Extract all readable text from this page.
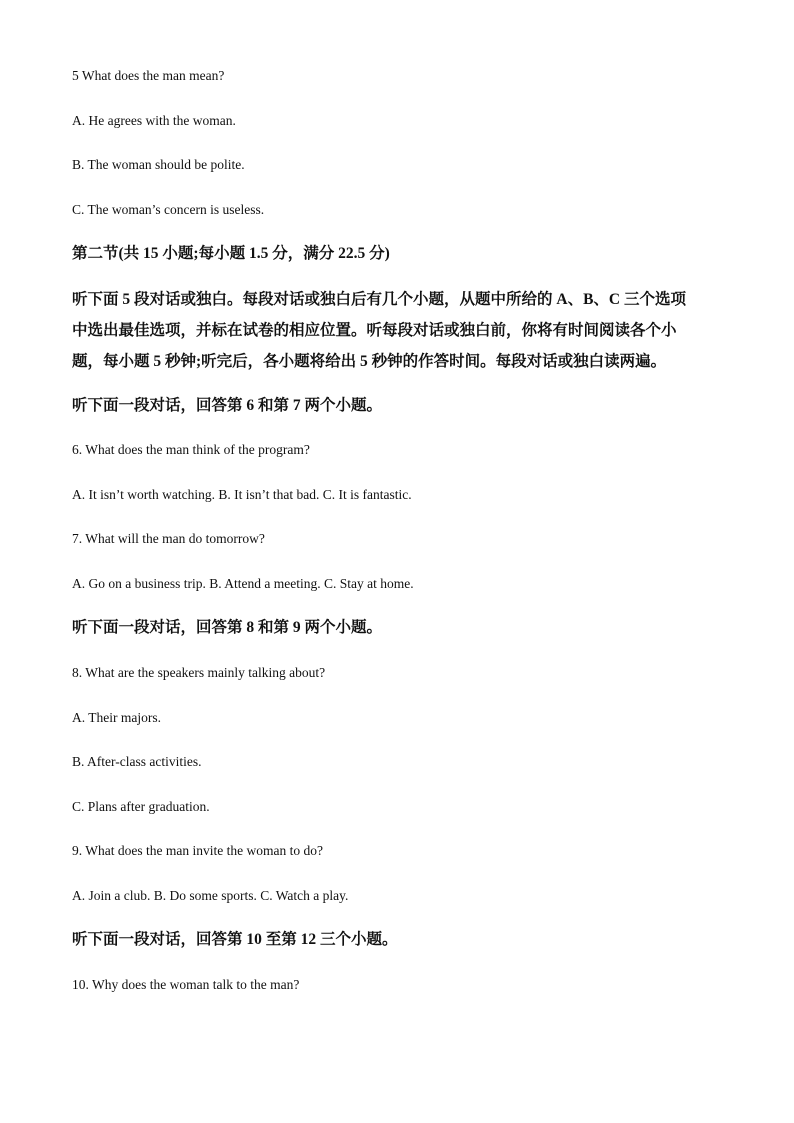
5 What does the man mean?
A. He agrees with the woman.
B. The woman should be polite.
C. The woman’s concern is useless.
第二节(共 15 小题;每小题 1.5 分，满分 22.5 分)
听下面 5 段对话或独白。每段对话或独白后有几个小题，从题中所给的 A、B、C 三个选项
中选出最佳选项，并标在试卷的相应位置。听每段对话或独白前，你将有时间阅读各个小
题，每小题 5 秒钟;听完后，各小题将给出 5 秒钟的作答时间。每段对话或独白读两遍。
听下面一段对话，回答第 6 和第 7 两个小题。
6. What does the man think of the program?
A. It isn’t worth watching. B. It isn’t that bad. C. It is fantastic.
7. What will the man do tomorrow?
A. Go on a business trip. B. Attend a meeting. C. Stay at home.
听下面一段对话，回答第 8 和第 9 两个小题。
8. What are the speakers mainly talking about?
A. Their majors.
B. After-class activities.
C. Plans after graduation.
9. What does the man invite the woman to do?
A. Join a club. B. Do some sports. C. Watch a play.
听下面一段对话，回答第 10 至第 12 三个小题。
10. Why does the woman talk to the man?
